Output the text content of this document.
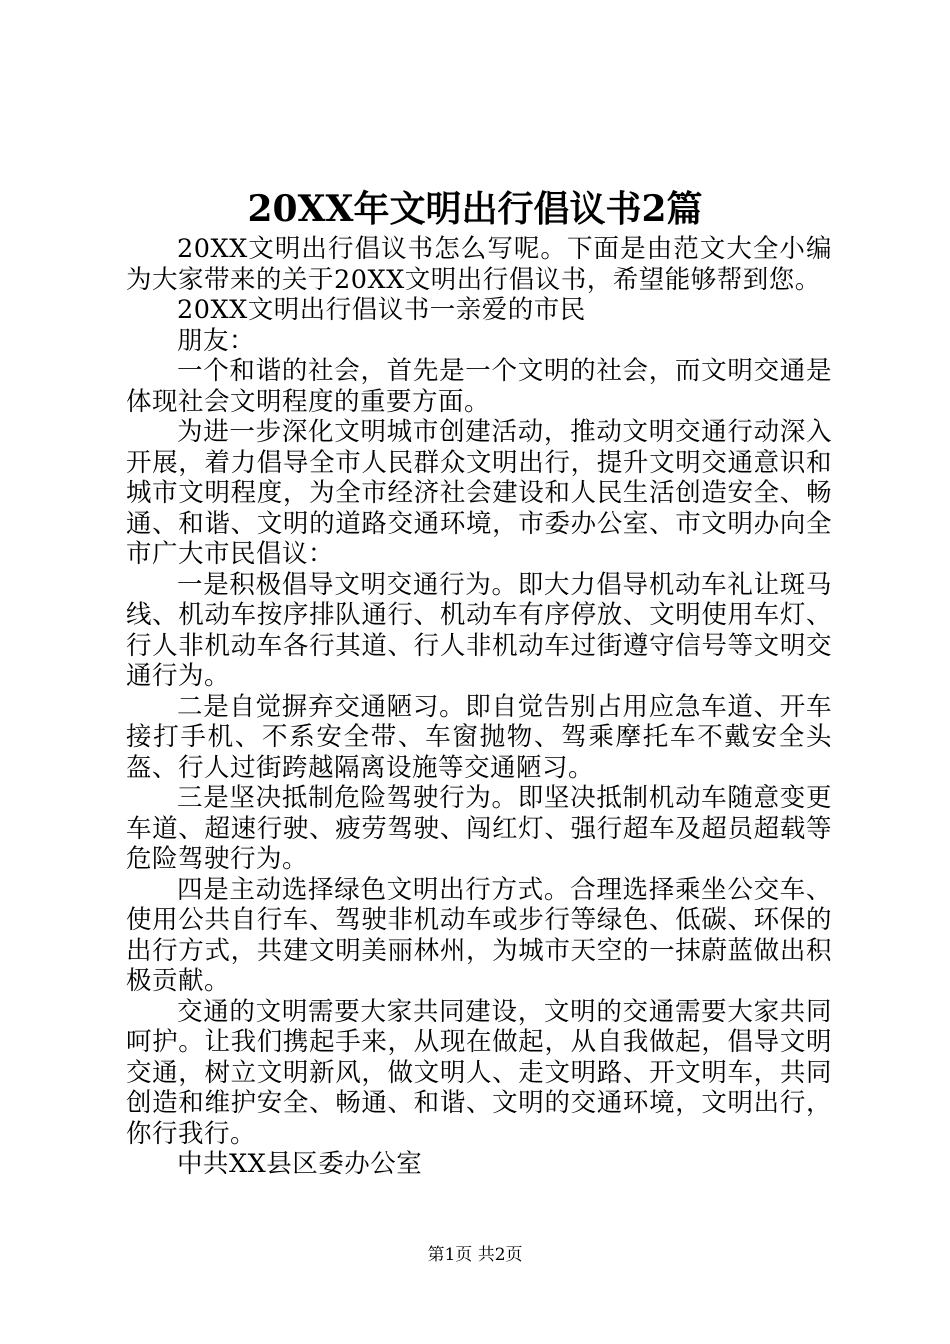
20XX年文明出行倡议书2篇

20XX文明出行倡议书怎么写呢。下面是由范文大全小编为大家带来的关于20XX文明出行倡议书，希望能够帮到您。

20XX文明出行倡议书一亲爱的市民

朋友：

一个和谐的社会，首先是一个文明的社会，而文明交通是体现社会文明程度的重要方面。

为进一步深化文明城市创建活动，推动文明交通行动深入开展，着力倡导全市人民群众文明出行，提升文明交通意识和城市文明程度，为全市经济社会建设和人民生活创造安全、畅通、和谐、文明的道路交通环境，市委办公室、市文明办向全市广大市民倡议：

一是积极倡导文明交通行为。即大力倡导机动车礼让斑马线、机动车按序排队通行、机动车有序停放、文明使用车灯、行人非机动车各行其道、行人非机动车过街遵守信号等文明交通行为。

二是自觉摒弃交通陋习。即自觉告别占用应急车道、开车接打手机、不系安全带、车窗抛物、驾乘摩托车不戴安全头盔、行人过街跨越隔离设施等交通陋习。

三是坚决抵制危险驾驶行为。即坚决抵制机动车随意变更车道、超速行驶、疲劳驾驶、闯红灯、强行超车及超员超载等危险驾驶行为。

四是主动选择绿色文明出行方式。合理选择乘坐公交车、使用公共自行车、驾驶非机动车或步行等绿色、低碳、环保的出行方式，共建文明美丽林州，为城市天空的一抹蔚蓝做出积极贡献。

交通的文明需要大家共同建设，文明的交通需要大家共同呵护。让我们携起手来，从现在做起，从自我做起，倡导文明交通，树立文明新风，做文明人、走文明路、开文明车，共同创造和维护安全、畅通、和谐、文明的交通环境，文明出行，你行我行。

中共XX县区委办公室

第1页 共2页
